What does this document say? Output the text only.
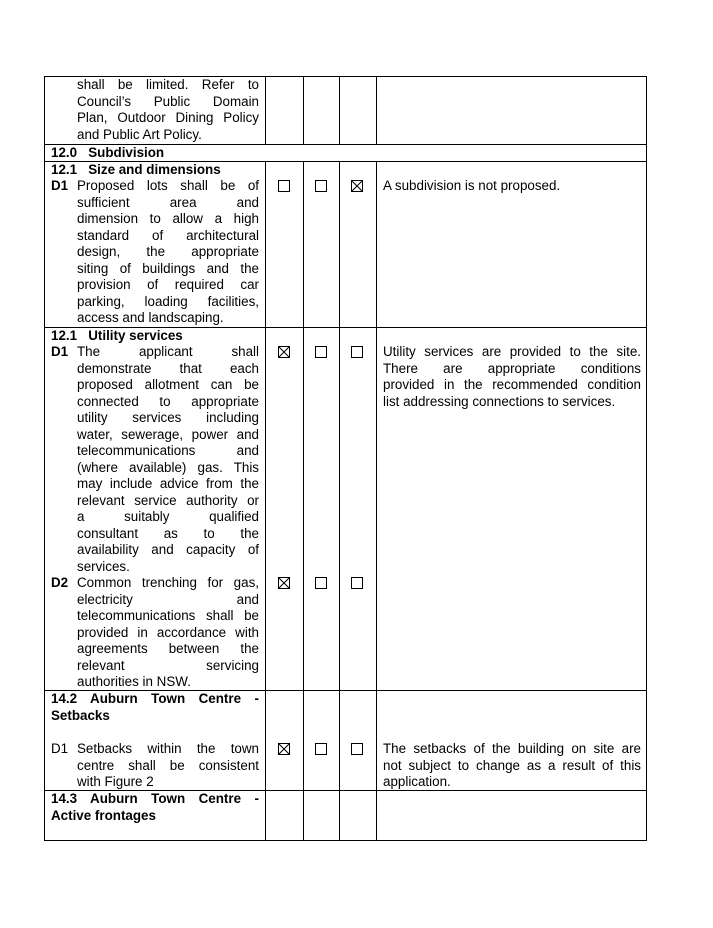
shall be limited. Refer to
Council’s Public Domain
Plan, Outdoor Dining Policy
and Public Art Policy.
12.0   Subdivision
12.1   Size and dimensions
D1 Proposed lots shall be of
sufficient area and
dimension to allow a high
standard of architectural
design, the appropriate
siting of buildings and the
provision of required car
parking, loading facilities,
access and landscaping.
A subdivision is not proposed.
12.1   Utility services
D1 The applicant shall
demonstrate that each
proposed allotment can be
connected to appropriate
utility services including
water, sewerage, power and
telecommunications and
(where available) gas. This
may include advice from the
relevant service authority or
a suitably qualified
consultant as to the
availability and capacity of
services.
Utility services are provided to the site.
There are appropriate conditions
provided in the recommended condition
list addressing connections to services.
D2 Common trenching for gas,
electricity and
telecommunications shall be
provided in accordance with
agreements between the
relevant servicing
authorities in NSW.
14.2 Auburn Town Centre -
Setbacks
D1 Setbacks within the town
centre shall be consistent
with Figure 2
The setbacks of the building on site are
not subject to change as a result of this
application.
14.3 Auburn Town Centre -
Active frontages
